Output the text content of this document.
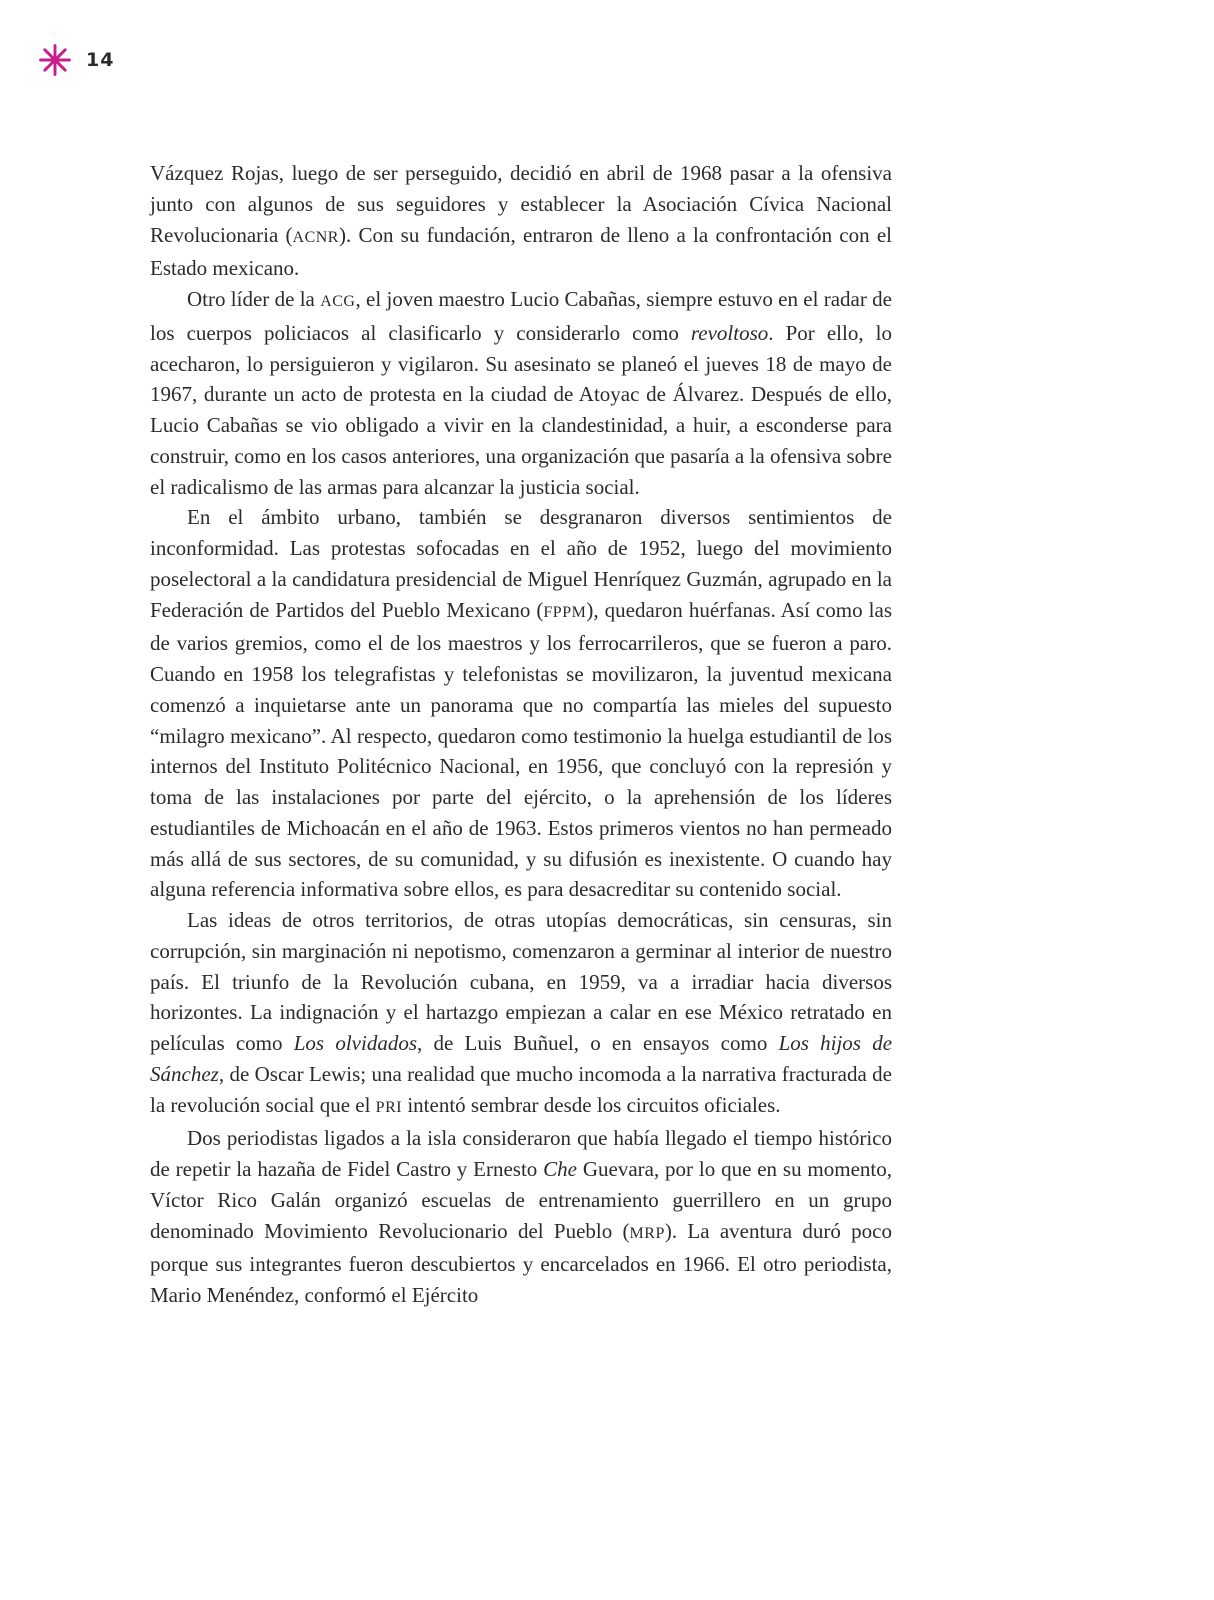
14

Vázquez Rojas, luego de ser perseguido, decidió en abril de 1968 pasar a la ofensiva junto con algunos de sus seguidores y establecer la Asociación Cívica Nacional Revolucionaria (ACNR). Con su fundación, entraron de lleno a la confrontación con el Estado mexicano.

Otro líder de la ACG, el joven maestro Lucio Cabañas, siempre estuvo en el radar de los cuerpos policiacos al clasificarlo y considerarlo como revoltoso. Por ello, lo acecharon, lo persiguieron y vigilaron. Su asesinato se planeó el jueves 18 de mayo de 1967, durante un acto de protesta en la ciudad de Atoyac de Álvarez. Después de ello, Lucio Cabañas se vio obligado a vivir en la clandestinidad, a huir, a esconderse para construir, como en los casos anteriores, una organización que pasaría a la ofensiva sobre el radicalismo de las armas para alcanzar la justicia social.

En el ámbito urbano, también se desgranaron diversos sentimientos de inconformidad. Las protestas sofocadas en el año de 1952, luego del movimiento poselectoral a la candidatura presidencial de Miguel Henríquez Guzmán, agrupado en la Federación de Partidos del Pueblo Mexicano (FPPM), quedaron huérfanas. Así como las de varios gremios, como el de los maestros y los ferrocarrileros, que se fueron a paro. Cuando en 1958 los telegrafistas y telefonistas se movilizaron, la juventud mexicana comenzó a inquietarse ante un panorama que no compartía las mieles del supuesto “milagro mexicano”. Al respecto, quedaron como testimonio la huelga estudiantil de los internos del Instituto Politécnico Nacional, en 1956, que concluyó con la represión y toma de las instalaciones por parte del ejército, o la aprehensión de los líderes estudiantiles de Michoacán en el año de 1963. Estos primeros vientos no han permeado más allá de sus sectores, de su comunidad, y su difusión es inexistente. O cuando hay alguna referencia informativa sobre ellos, es para desacreditar su contenido social.

Las ideas de otros territorios, de otras utopías democráticas, sin censuras, sin corrupción, sin marginación ni nepotismo, comenzaron a germinar al interior de nuestro país. El triunfo de la Revolución cubana, en 1959, va a irradiar hacia diversos horizontes. La indignación y el hartazgo empiezan a calar en ese México retratado en películas como Los olvidados, de Luis Buñuel, o en ensayos como Los hijos de Sánchez, de Oscar Lewis; una realidad que mucho incomoda a la narrativa fracturada de la revolución social que el PRI intentó sembrar desde los circuitos oficiales.

Dos periodistas ligados a la isla consideraron que había llegado el tiempo histórico de repetir la hazaña de Fidel Castro y Ernesto Che Guevara, por lo que en su momento, Víctor Rico Galán organizó escuelas de entrenamiento guerrillero en un grupo denominado Movimiento Revolucionario del Pueblo (MRP). La aventura duró poco porque sus integrantes fueron descubiertos y encarcelados en 1966. El otro periodista, Mario Menéndez, conformó el Ejército
